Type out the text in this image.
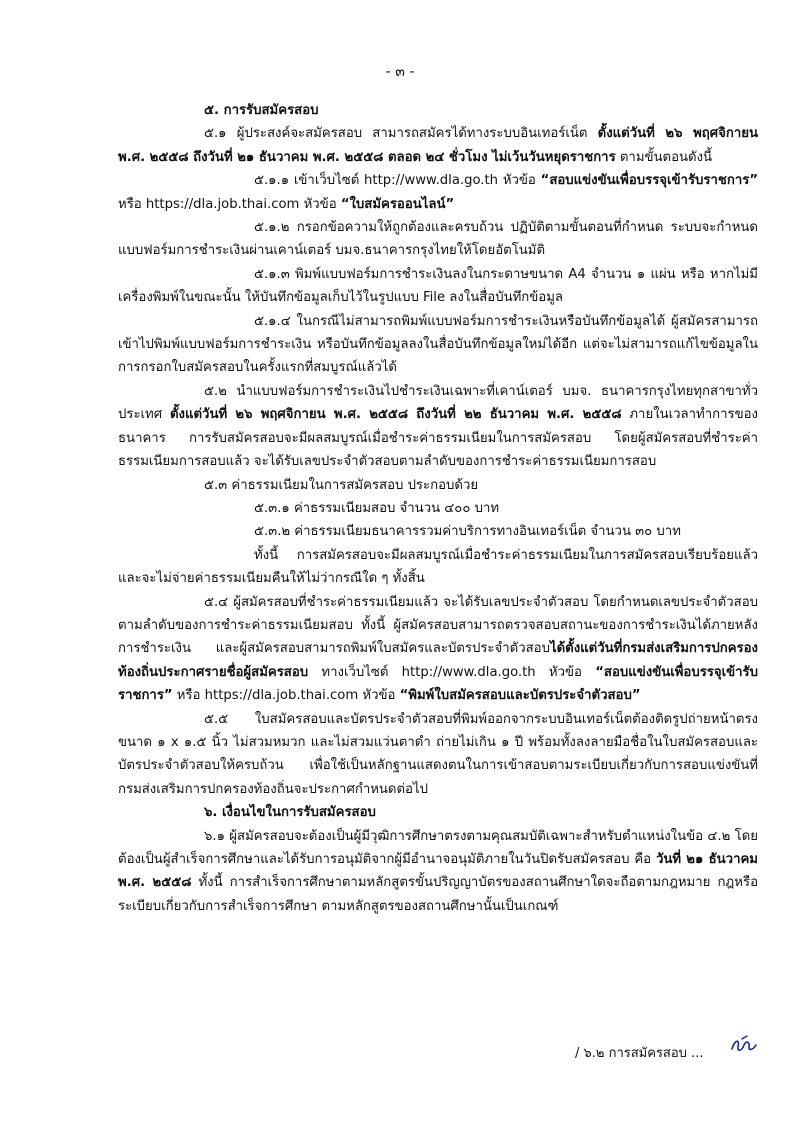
- ๓ -

๕. การรับสมัครสอบ

๕.๑ ผู้ประสงค์จะสมัครสอบ สามารถสมัครได้ทางระบบอินเทอร์เน็ต ตั้งแต่วันที่ ๒๖ พฤศจิกายน พ.ศ. ๒๕๕๘ ถึงวันที่ ๒๑ ธันวาคม พ.ศ. ๒๕๕๘ ตลอด ๒๔ ชั่วโมง ไม่เว้นวันหยุดราชการ ตามขั้นตอนดังนี้

๕.๑.๑ เข้าเว็บไซต์ http://www.dla.go.th หัวข้อ “สอบแข่งขันเพื่อบรรจุเข้ารับราชการ” หรือ https://dla.job.thai.com หัวข้อ “ใบสมัครออนไลน์”

๕.๑.๒ กรอกข้อความให้ถูกต้องและครบถ้วน ปฏิบัติตามขั้นตอนที่กำหนด ระบบจะกำหนดแบบฟอร์มการชำระเงินผ่านเคาน์เตอร์ บมจ.ธนาคารกรุงไทยให้โดยอัตโนมัติ

๕.๑.๓ พิมพ์แบบฟอร์มการชำระเงินลงในกระดาษขนาด A4 จำนวน ๑ แผ่น หรือ หากไม่มีเครื่องพิมพ์ในขณะนั้น ให้บันทึกข้อมูลเก็บไว้ในรูปแบบ File ลงในสื่อบันทึกข้อมูล

๕.๑.๔ ในกรณีไม่สามารถพิมพ์แบบฟอร์มการชำระเงินหรือบันทึกข้อมูลได้ ผู้สมัครสามารถเข้าไปพิมพ์แบบฟอร์มการชำระเงิน หรือบันทึกข้อมูลลงในสื่อบันทึกข้อมูลใหม่ได้อีก แต่จะไม่สามารถแก้ไขข้อมูลในการกรอกใบสมัครสอบในครั้งแรกที่สมบูรณ์แล้วได้

๕.๒ นำแบบฟอร์มการชำระเงินไปชำระเงินเฉพาะที่เคาน์เตอร์ บมจ. ธนาคารกรุงไทยทุกสาขาทั่วประเทศ ตั้งแต่วันที่ ๒๖ พฤศจิกายน พ.ศ. ๒๕๕๘ ถึงวันที่ ๒๒ ธันวาคม พ.ศ. ๒๕๕๘ ภายในเวลาทำการของธนาคาร การรับสมัครสอบจะมีผลสมบูรณ์เมื่อชำระค่าธรรมเนียมในการสมัครสอบ โดยผู้สมัครสอบที่ชำระค่าธรรมเนียมการสอบแล้ว จะได้รับเลขประจำตัวสอบตามลำดับของการชำระค่าธรรมเนียมการสอบ

๕.๓ ค่าธรรมเนียมในการสมัครสอบ ประกอบด้วย

๕.๓.๑ ค่าธรรมเนียมสอบ จำนวน ๔๐๐ บาท

๕.๓.๒ ค่าธรรมเนียมธนาคารรวมค่าบริการทางอินเทอร์เน็ต จำนวน ๓๐ บาท

ทั้งนี้ การสมัครสอบจะมีผลสมบูรณ์เมื่อชำระค่าธรรมเนียมในการสมัครสอบเรียบร้อยแล้วและจะไม่จ่ายค่าธรรมเนียมคืนให้ไม่ว่ากรณีใด ๆ ทั้งสิ้น

๕.๔ ผู้สมัครสอบที่ชำระค่าธรรมเนียมแล้ว จะได้รับเลขประจำตัวสอบ โดยกำหนดเลขประจำตัวสอบตามลำดับของการชำระค่าธรรมเนียมสอบ ทั้งนี้ ผู้สมัครสอบสามารถตรวจสอบสถานะของการชำระเงินได้ภายหลังการชำระเงิน และผู้สมัครสอบสามารถพิมพ์ใบสมัครและบัตรประจำตัวสอบได้ตั้งแต่วันที่กรมส่งเสริมการปกครองท้องถิ่นประกาศรายชื่อผู้สมัครสอบ ทางเว็บไซต์ http://www.dla.go.th หัวข้อ “สอบแข่งขันเพื่อบรรจุเข้ารับราชการ” หรือ https://dla.job.thai.com หัวข้อ “พิมพ์ใบสมัครสอบและบัตรประจำตัวสอบ”

๕.๕ ใบสมัครสอบและบัตรประจำตัวสอบที่พิมพ์ออกจากระบบอินเทอร์เน็ตต้องติดรูปถ่ายหน้าตรงขนาด ๑ x ๑.๕ นิ้ว ไม่สวมหมวก และไม่สวมแว่นตาดำ ถ่ายไม่เกิน ๑ ปี พร้อมทั้งลงลายมือชื่อในใบสมัครสอบและบัตรประจำตัวสอบให้ครบถ้วน เพื่อใช้เป็นหลักฐานแสดงตนในการเข้าสอบตามระเบียบเกี่ยวกับการสอบแข่งขันที่กรมส่งเสริมการปกครองท้องถิ่นจะประกาศกำหนดต่อไป

๖. เงื่อนไขในการรับสมัครสอบ

๖.๑ ผู้สมัครสอบจะต้องเป็นผู้มีวุฒิการศึกษาตรงตามคุณสมบัติเฉพาะสำหรับตำแหน่งในข้อ ๔.๒ โดยต้องเป็นผู้สำเร็จการศึกษาและได้รับการอนุมัติจากผู้มีอำนาจอนุมัติภายในวันปิดรับสมัครสอบ คือ วันที่ ๒๑ ธันวาคม พ.ศ. ๒๕๕๘ ทั้งนี้ การสำเร็จการศึกษาตามหลักสูตรขั้นปริญญาบัตรของสถานศึกษาใดจะถือตามกฎหมาย กฎหรือระเบียบเกี่ยวกับการสำเร็จการศึกษา ตามหลักสูตรของสถานศึกษานั้นเป็นเกณฑ์

/ ๖.๒ การสมัครสอบ ...
